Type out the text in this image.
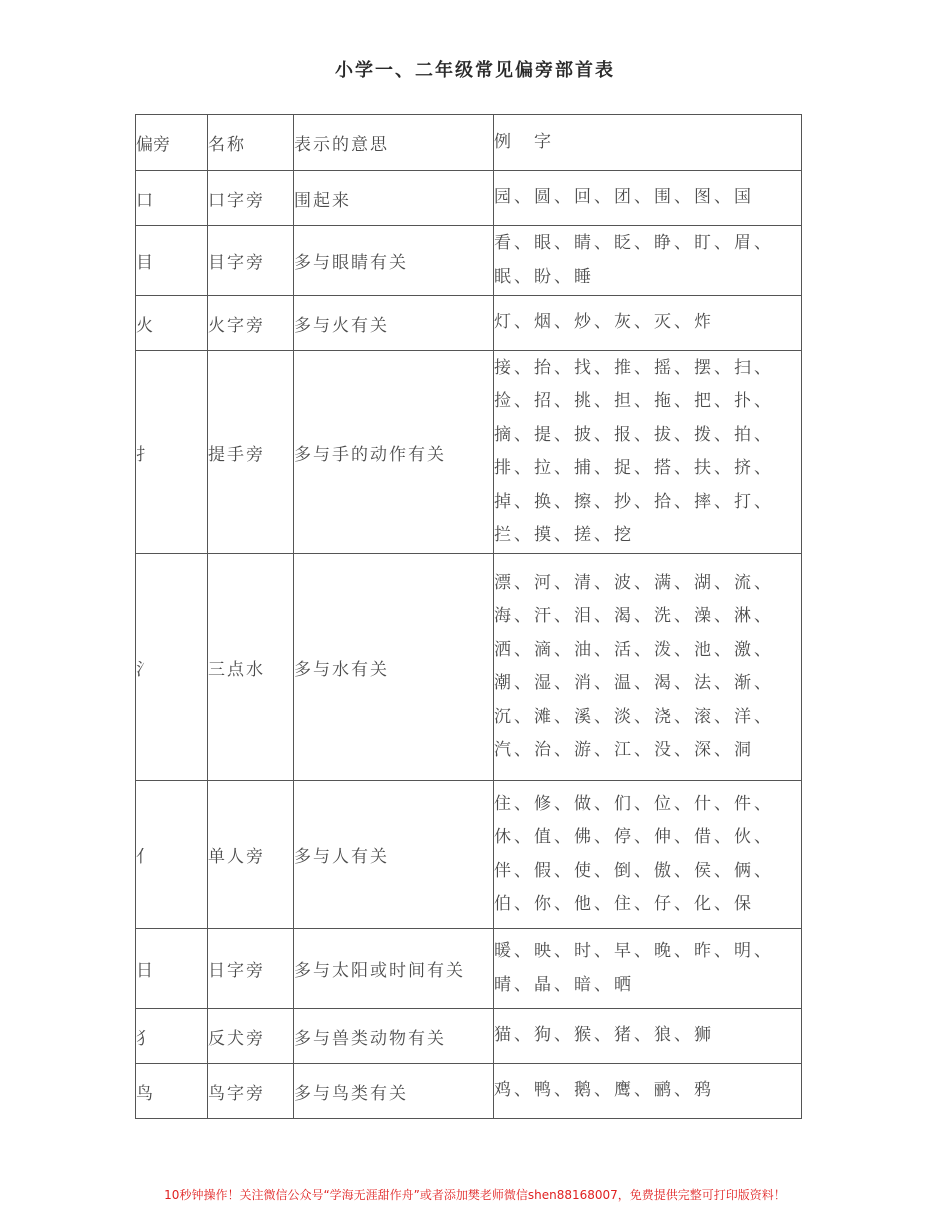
小学一、二年级常见偏旁部首表
偏旁	名称	表示的意思	例　字
口	口字旁	围起来	园、圆、回、团、围、图、国
目	目字旁	多与眼睛有关	看、眼、睛、眨、睁、盯、眉、眠、盼、睡
火	火字旁	多与火有关	灯、烟、炒、灰、灭、炸
扌	提手旁	多与手的动作有关	接、抬、找、推、摇、摆、扫、捡、招、挑、担、拖、把、扑、摘、提、披、报、拔、拨、拍、排、拉、捕、捉、搭、扶、挤、掉、换、擦、抄、拾、摔、打、拦、摸、搓、挖
氵	三点水	多与水有关	漂、河、清、波、满、湖、流、海、汗、泪、渴、洗、澡、淋、洒、滴、油、活、泼、池、激、潮、湿、消、温、渴、法、渐、沉、滩、溪、淡、浇、滚、洋、汽、治、游、江、没、深、洞
亻	单人旁	多与人有关	住、修、做、们、位、什、件、休、值、佛、停、伸、借、伙、伴、假、使、倒、傲、侯、俩、伯、你、他、住、仔、化、保
日	日字旁	多与太阳或时间有关	暖、映、时、早、晚、昨、明、晴、晶、暗、晒
犭	反犬旁	多与兽类动物有关	猫、狗、猴、猪、狼、狮
鸟	鸟字旁	多与鸟类有关	鸡、鸭、鹅、鹰、鹂、鸦
10秒钟操作！关注微信公众号“学海无涯甜作舟”或者添加樊老师微信shen88168007，免费提供完整可打印版资料！
